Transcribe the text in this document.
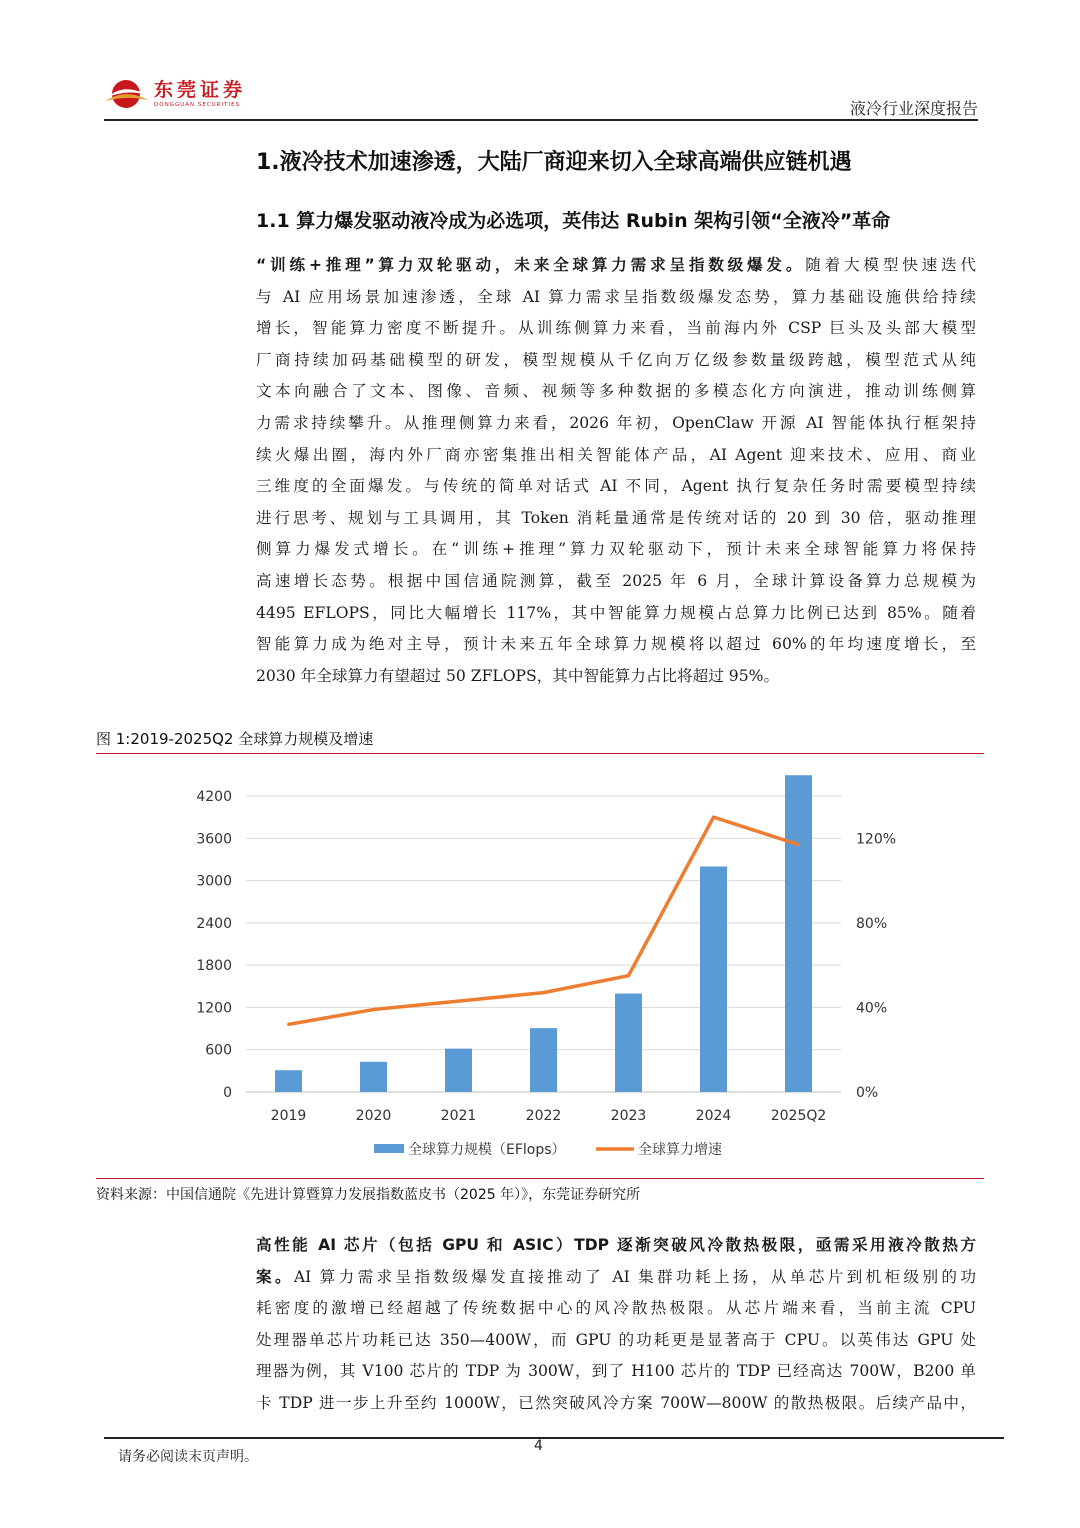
东莞证券
DONGGUAN SECURITIES	液冷行业深度报告
1.液冷技术加速渗透，大陆厂商迎来切入全球高端供应链机遇
1.1 算力爆发驱动液冷成为必选项，英伟达 Rubin 架构引领“全液冷”革命
“训练+推理”算力双轮驱动，未来全球算力需求呈指数级爆发。随着大模型快速迭代
与 AI 应用场景加速渗透，全球 AI 算力需求呈指数级爆发态势，算力基础设施供给持续
增长，智能算力密度不断提升。从训练侧算力来看，当前海内外 CSP 巨头及头部大模型
厂商持续加码基础模型的研发，模型规模从千亿向万亿级参数量级跨越，模型范式从纯
文本向融合了文本、图像、音频、视频等多种数据的多模态化方向演进，推动训练侧算
力需求持续攀升。从推理侧算力来看，2026 年初，OpenClaw 开源 AI 智能体执行框架持
续火爆出圈，海内外厂商亦密集推出相关智能体产品，AI Agent 迎来技术、应用、商业
三维度的全面爆发。与传统的简单对话式 AI 不同，Agent 执行复杂任务时需要模型持续
进行思考、规划与工具调用，其 Token 消耗量通常是传统对话的 20 到 30 倍，驱动推理
侧算力爆发式增长。在“训练+推理”算力双轮驱动下，预计未来全球智能算力将保持
高速增长态势。根据中国信通院测算，截至 2025 年 6 月，全球计算设备算力总规模为
4495 EFLOPS，同比大幅增长 117%，其中智能算力规模占总算力比例已达到 85%。随着
智能算力成为绝对主导，预计未来五年全球算力规模将以超过 60%的年均速度增长，至
2030 年全球算力有望超过 50 ZFLOPS，其中智能算力占比将超过 95%。
图 1:2019-2025Q2 全球算力规模及增速
0
600
1200
1800
2400
3000
3600
4200
0%
40%
80%
120%
2019	2020	2021	2022	2023	2024	2025Q2
全球算力规模（EFlops）	全球算力增速
资料来源：中国信通院《先进计算暨算力发展指数蓝皮书（2025 年）》，东莞证券研究所
高性能 AI 芯片（包括 GPU 和 ASIC）TDP 逐渐突破风冷散热极限，亟需采用液冷散热方
案。AI 算力需求呈指数级爆发直接推动了 AI 集群功耗上扬，从单芯片到机柜级别的功
耗密度的激增已经超越了传统数据中心的风冷散热极限。从芯片端来看，当前主流 CPU
处理器单芯片功耗已达 350—400W，而 GPU 的功耗更是显著高于 CPU。以英伟达 GPU 处
理器为例，其 V100 芯片的 TDP 为 300W，到了 H100 芯片的 TDP 已经高达 700W，B200 单
卡 TDP 进一步上升至约 1000W，已然突破风冷方案 700W—800W 的散热极限。后续产品中，
4
请务必阅读末页声明。
